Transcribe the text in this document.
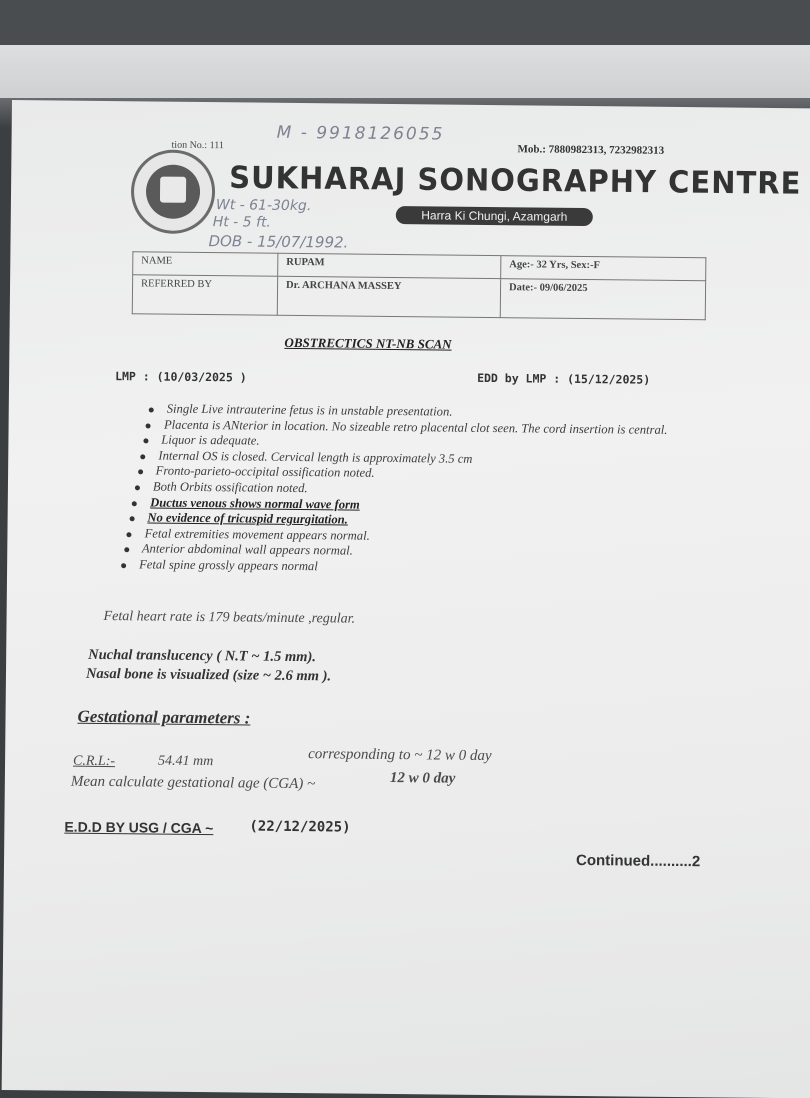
tion No.: 111
M - 9918126055
Mob.: 7880982313, 7232982313
SUKHARAJ SONOGRAPHY CENTRE
Harra Ki Chungi, Azamgarh
Wt - 61-30kg.
Ht - 5 ft.
DOB - 15/07/1992.
NAME	RUPAM	Age:- 32 Yrs, Sex:-F
REFERRED BY	Dr. ARCHANA MASSEY	Date:- 09/06/2025
OBSTRECTICS NT-NB SCAN
LMP : (10/03/2025 )	EDD by LMP : (15/12/2025)
Single Live intrauterine fetus is in unstable presentation.
Placenta is ANterior in location. No sizeable retro placental clot seen. The cord insertion is central.
Liquor is adequate.
Internal OS is closed. Cervical length is approximately 3.5 cm
Fronto-parieto-occipital ossification noted.
Both Orbits ossification noted.
Ductus venous shows normal wave form
No evidence of tricuspid regurgitation.
Fetal extremities movement appears normal.
Anterior abdominal wall appears normal.
Fetal spine grossly appears normal
Fetal heart rate is 179 beats/minute ,regular.
Nuchal translucency ( N.T ~ 1.5 mm).
Nasal bone is visualized (size ~ 2.6 mm ).
Gestational parameters :
C.R.L:-	54.41 mm	corresponding to ~ 12 w 0 day
Mean calculate gestational age (CGA) ~	12 w 0 day
E.D.D BY USG / CGA ~	(22/12/2025)
Continued..........2
